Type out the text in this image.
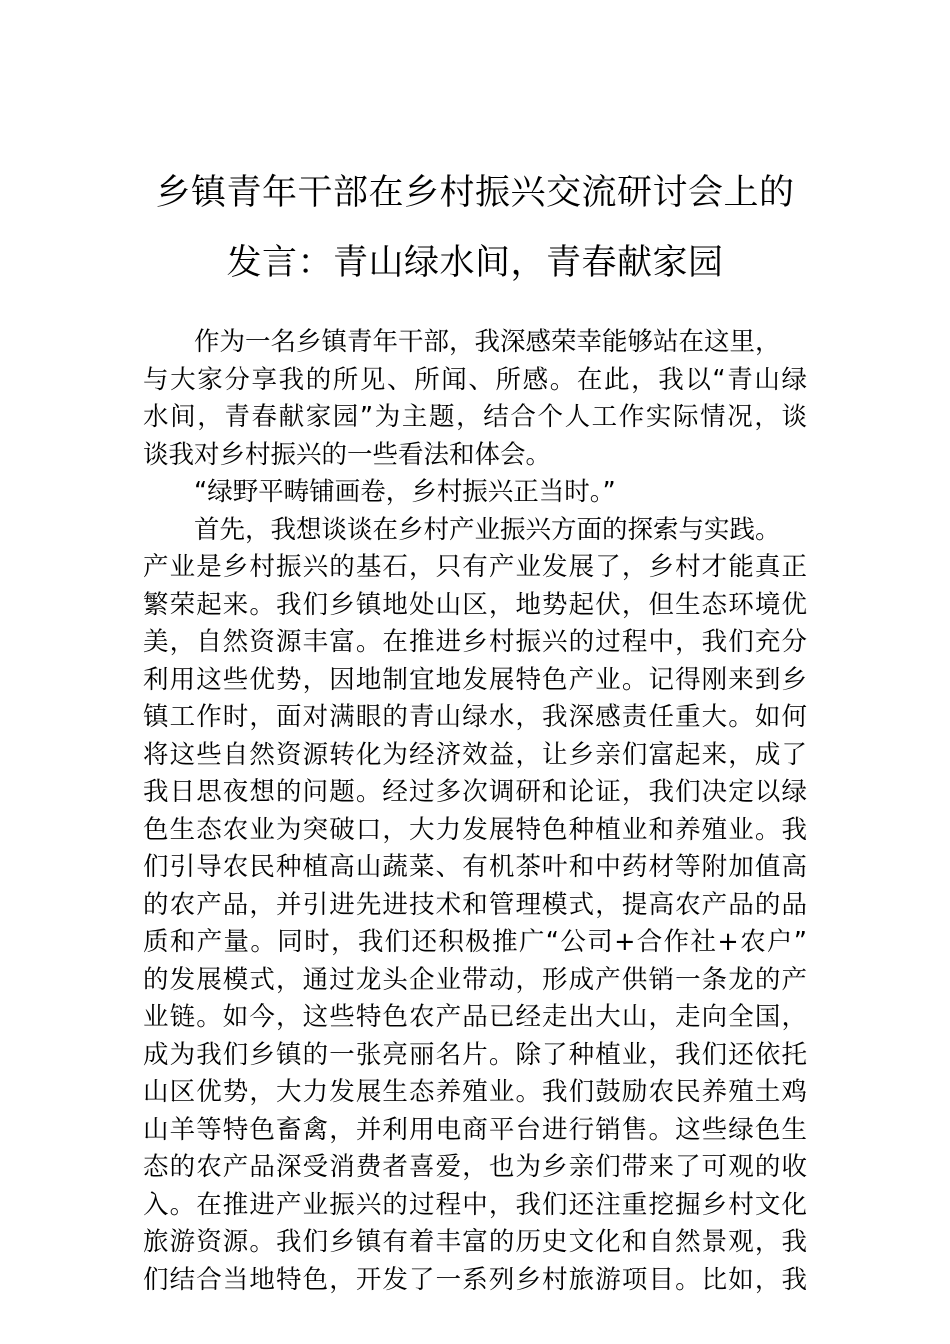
乡镇青年干部在乡村振兴交流研讨会上的
发言：青山绿水间，青春献家园
作为一名乡镇青年干部，我深感荣幸能够站在这里，
与大家分享我的所见、所闻、所感。在此，我以“青山绿
水间，青春献家园”为主题，结合个人工作实际情况，谈
谈我对乡村振兴的一些看法和体会。
“绿野平畴铺画卷，乡村振兴正当时。”
首先，我想谈谈在乡村产业振兴方面的探索与实践。
产业是乡村振兴的基石，只有产业发展了，乡村才能真正
繁荣起来。我们乡镇地处山区，地势起伏，但生态环境优
美，自然资源丰富。在推进乡村振兴的过程中，我们充分
利用这些优势，因地制宜地发展特色产业。记得刚来到乡
镇工作时，面对满眼的青山绿水，我深感责任重大。如何
将这些自然资源转化为经济效益，让乡亲们富起来，成了
我日思夜想的问题。经过多次调研和论证，我们决定以绿
色生态农业为突破口，大力发展特色种植业和养殖业。我
们引导农民种植高山蔬菜、有机茶叶和中药材等附加值高
的农产品，并引进先进技术和管理模式，提高农产品的品
质和产量。同时，我们还积极推广“公司+合作社+农户”
的发展模式，通过龙头企业带动，形成产供销一条龙的产
业链。如今，这些特色农产品已经走出大山，走向全国，
成为我们乡镇的一张亮丽名片。除了种植业，我们还依托
山区优势，大力发展生态养殖业。我们鼓励农民养殖土鸡
山羊等特色畜禽，并利用电商平台进行销售。这些绿色生
态的农产品深受消费者喜爱，也为乡亲们带来了可观的收
入。在推进产业振兴的过程中，我们还注重挖掘乡村文化
旅游资源。我们乡镇有着丰富的历史文化和自然景观，我
们结合当地特色，开发了一系列乡村旅游项目。比如，我
